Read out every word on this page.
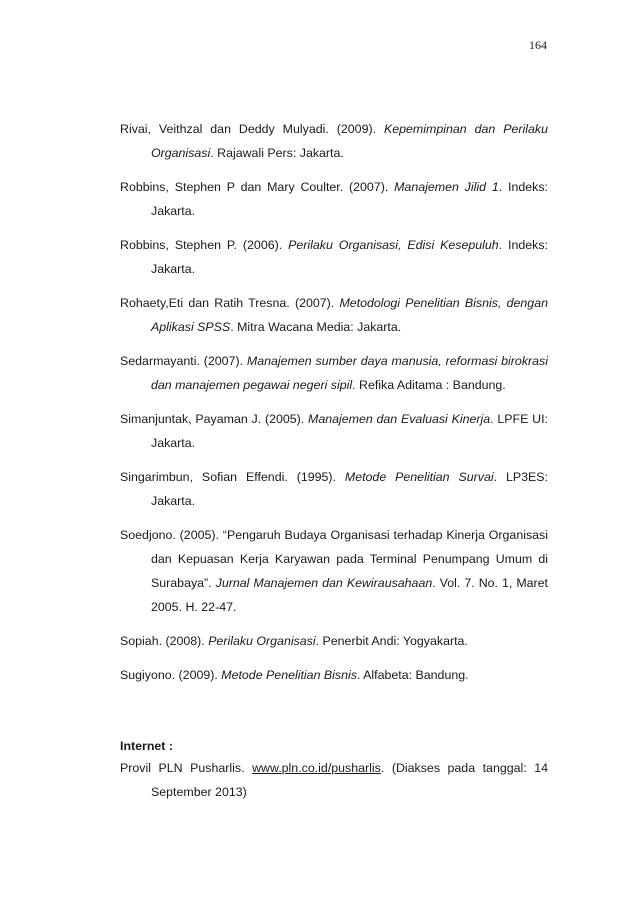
164

Rivai, Veithzal dan Deddy Mulyadi. (2009). Kepemimpinan dan Perilaku Organisasi. Rajawali Pers: Jakarta.

Robbins, Stephen P dan Mary Coulter. (2007). Manajemen Jilid 1. Indeks: Jakarta.

Robbins, Stephen P. (2006). Perilaku Organisasi, Edisi Kesepuluh. Indeks: Jakarta.

Rohaety,Eti dan Ratih Tresna. (2007). Metodologi Penelitian Bisnis, dengan Aplikasi SPSS. Mitra Wacana Media: Jakarta.

Sedarmayanti. (2007). Manajemen sumber daya manusia, reformasi birokrasi dan manajemen pegawai negeri sipil. Refika Aditama : Bandung.

Simanjuntak, Payaman J. (2005). Manajemen dan Evaluasi Kinerja. LPFE UI: Jakarta.

Singarimbun, Sofian Effendi. (1995). Metode Penelitian Survai. LP3ES: Jakarta.

Soedjono. (2005). “Pengaruh Budaya Organisasi terhadap Kinerja Organisasi dan Kepuasan Kerja Karyawan pada Terminal Penumpang Umum di Surabaya”. Jurnal Manajemen dan Kewirausahaan. Vol. 7. No. 1, Maret 2005. H. 22-47.

Sopiah. (2008). Perilaku Organisasi. Penerbit Andi: Yogyakarta.

Sugiyono. (2009). Metode Penelitian Bisnis. Alfabeta: Bandung.

Internet :

Provil PLN Pusharlis. www.pln.co.id/pusharlis. (Diakses pada tanggal: 14 September 2013)
